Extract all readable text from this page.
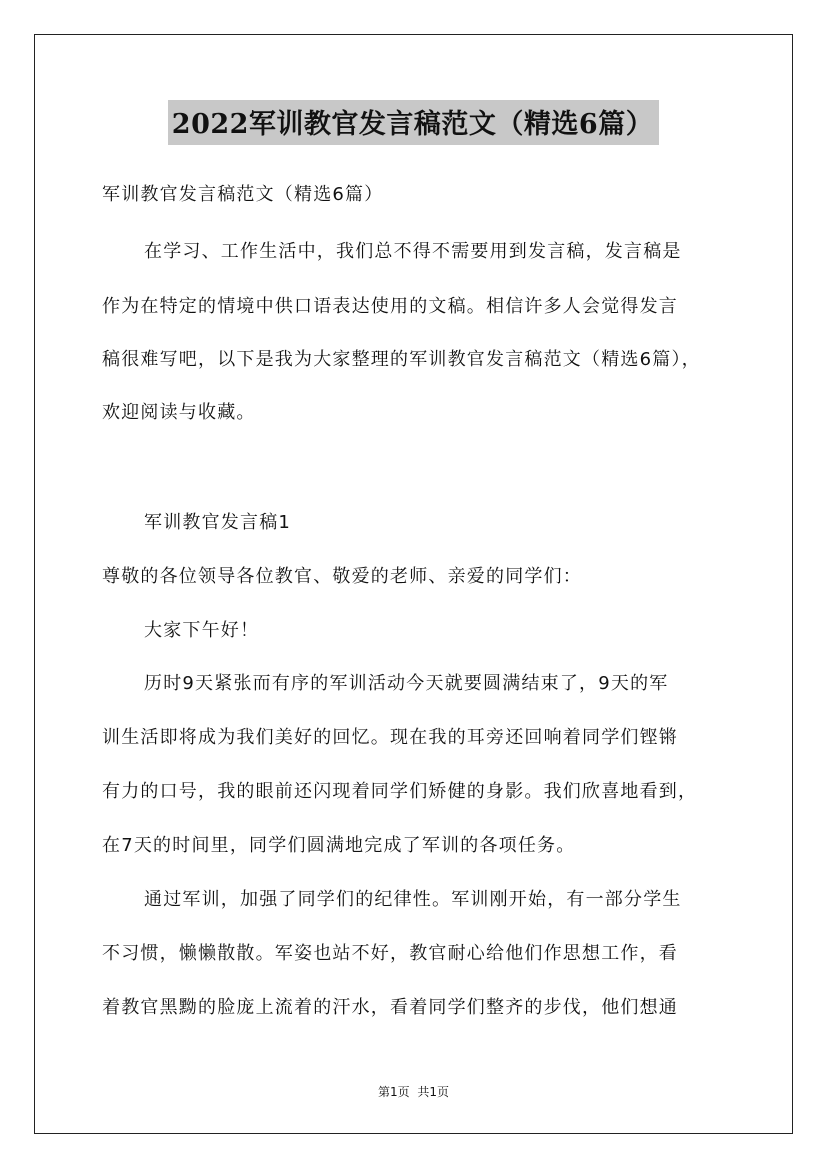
2022军训教官发言稿范文（精选6篇）
军训教官发言稿范文（精选6篇）
在学习、工作生活中，我们总不得不需要用到发言稿，发言稿是
作为在特定的情境中供口语表达使用的文稿。相信许多人会觉得发言
稿很难写吧，以下是我为大家整理的军训教官发言稿范文（精选6篇），
欢迎阅读与收藏。
军训教官发言稿1
尊敬的各位领导各位教官、敬爱的老师、亲爱的同学们：
大家下午好！
历时9天紧张而有序的军训活动今天就要圆满结束了，9天的军
训生活即将成为我们美好的回忆。现在我的耳旁还回响着同学们铿锵
有力的口号，我的眼前还闪现着同学们矫健的身影。我们欣喜地看到，
在7天的时间里，同学们圆满地完成了军训的各项任务。
通过军训，加强了同学们的纪律性。军训刚开始，有一部分学生
不习惯，懒懒散散。军姿也站不好，教官耐心给他们作思想工作，看
着教官黑黝的脸庞上流着的汗水，看着同学们整齐的步伐，他们想通
第1页 共1页
